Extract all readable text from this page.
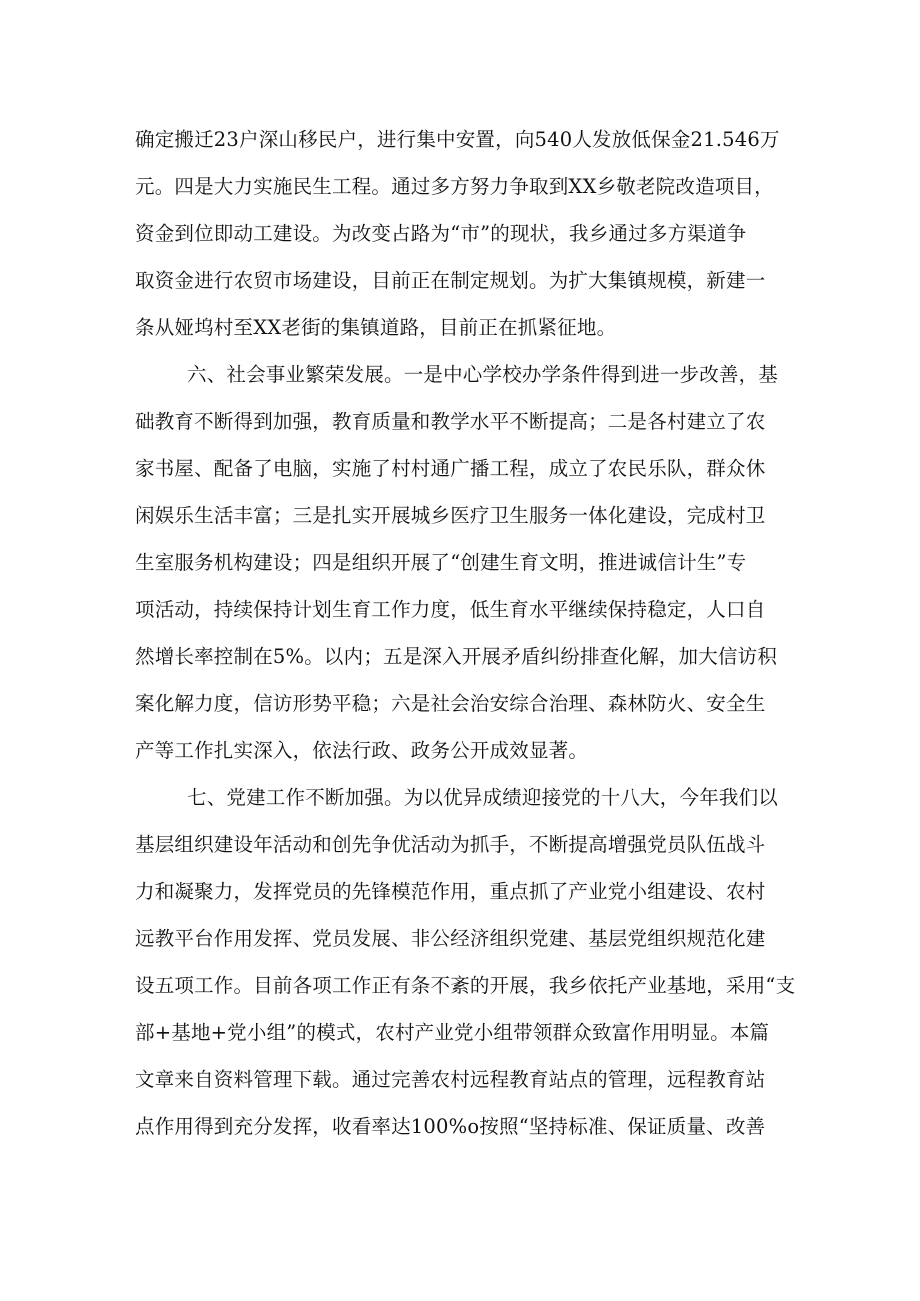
确定搬迁23户深山移民户，进行集中安置，向540人发放低保金21.546万
元。四是大力实施民生工程。通过多方努力争取到XX乡敬老院改造项目，
资金到位即动工建设。为改变占路为“市”的现状，我乡通过多方渠道争
取资金进行农贸市场建设，目前正在制定规划。为扩大集镇规模，新建一
条从娅坞村至XX老街的集镇道路，目前正在抓紧征地。
六、社会事业繁荣发展。一是中心学校办学条件得到进一步改善，基
础教育不断得到加强，教育质量和教学水平不断提高；二是各村建立了农
家书屋、配备了电脑，实施了村村通广播工程，成立了农民乐队，群众休
闲娱乐生活丰富；三是扎实开展城乡医疗卫生服务一体化建设，完成村卫
生室服务机构建设；四是组织开展了“创建生育文明，推进诚信计生”专
项活动，持续保持计划生育工作力度，低生育水平继续保持稳定，人口自
然增长率控制在5%。以内；五是深入开展矛盾纠纷排查化解，加大信访积
案化解力度，信访形势平稳；六是社会治安综合治理、森林防火、安全生
产等工作扎实深入，依法行政、政务公开成效显著。
七、党建工作不断加强。为以优异成绩迎接党的十八大，今年我们以
基层组织建设年活动和创先争优活动为抓手，不断提高增强党员队伍战斗
力和凝聚力，发挥党员的先锋模范作用，重点抓了产业党小组建设、农村
远教平台作用发挥、党员发展、非公经济组织党建、基层党组织规范化建
设五项工作。目前各项工作正有条不紊的开展，我乡依托产业基地，采用“支
部+基地+党小组”的模式，农村产业党小组带领群众致富作用明显。本篇
文章来自资料管理下载。通过完善农村远程教育站点的管理，远程教育站
点作用得到充分发挥，收看率达100%o按照“坚持标准、保证质量、改善
